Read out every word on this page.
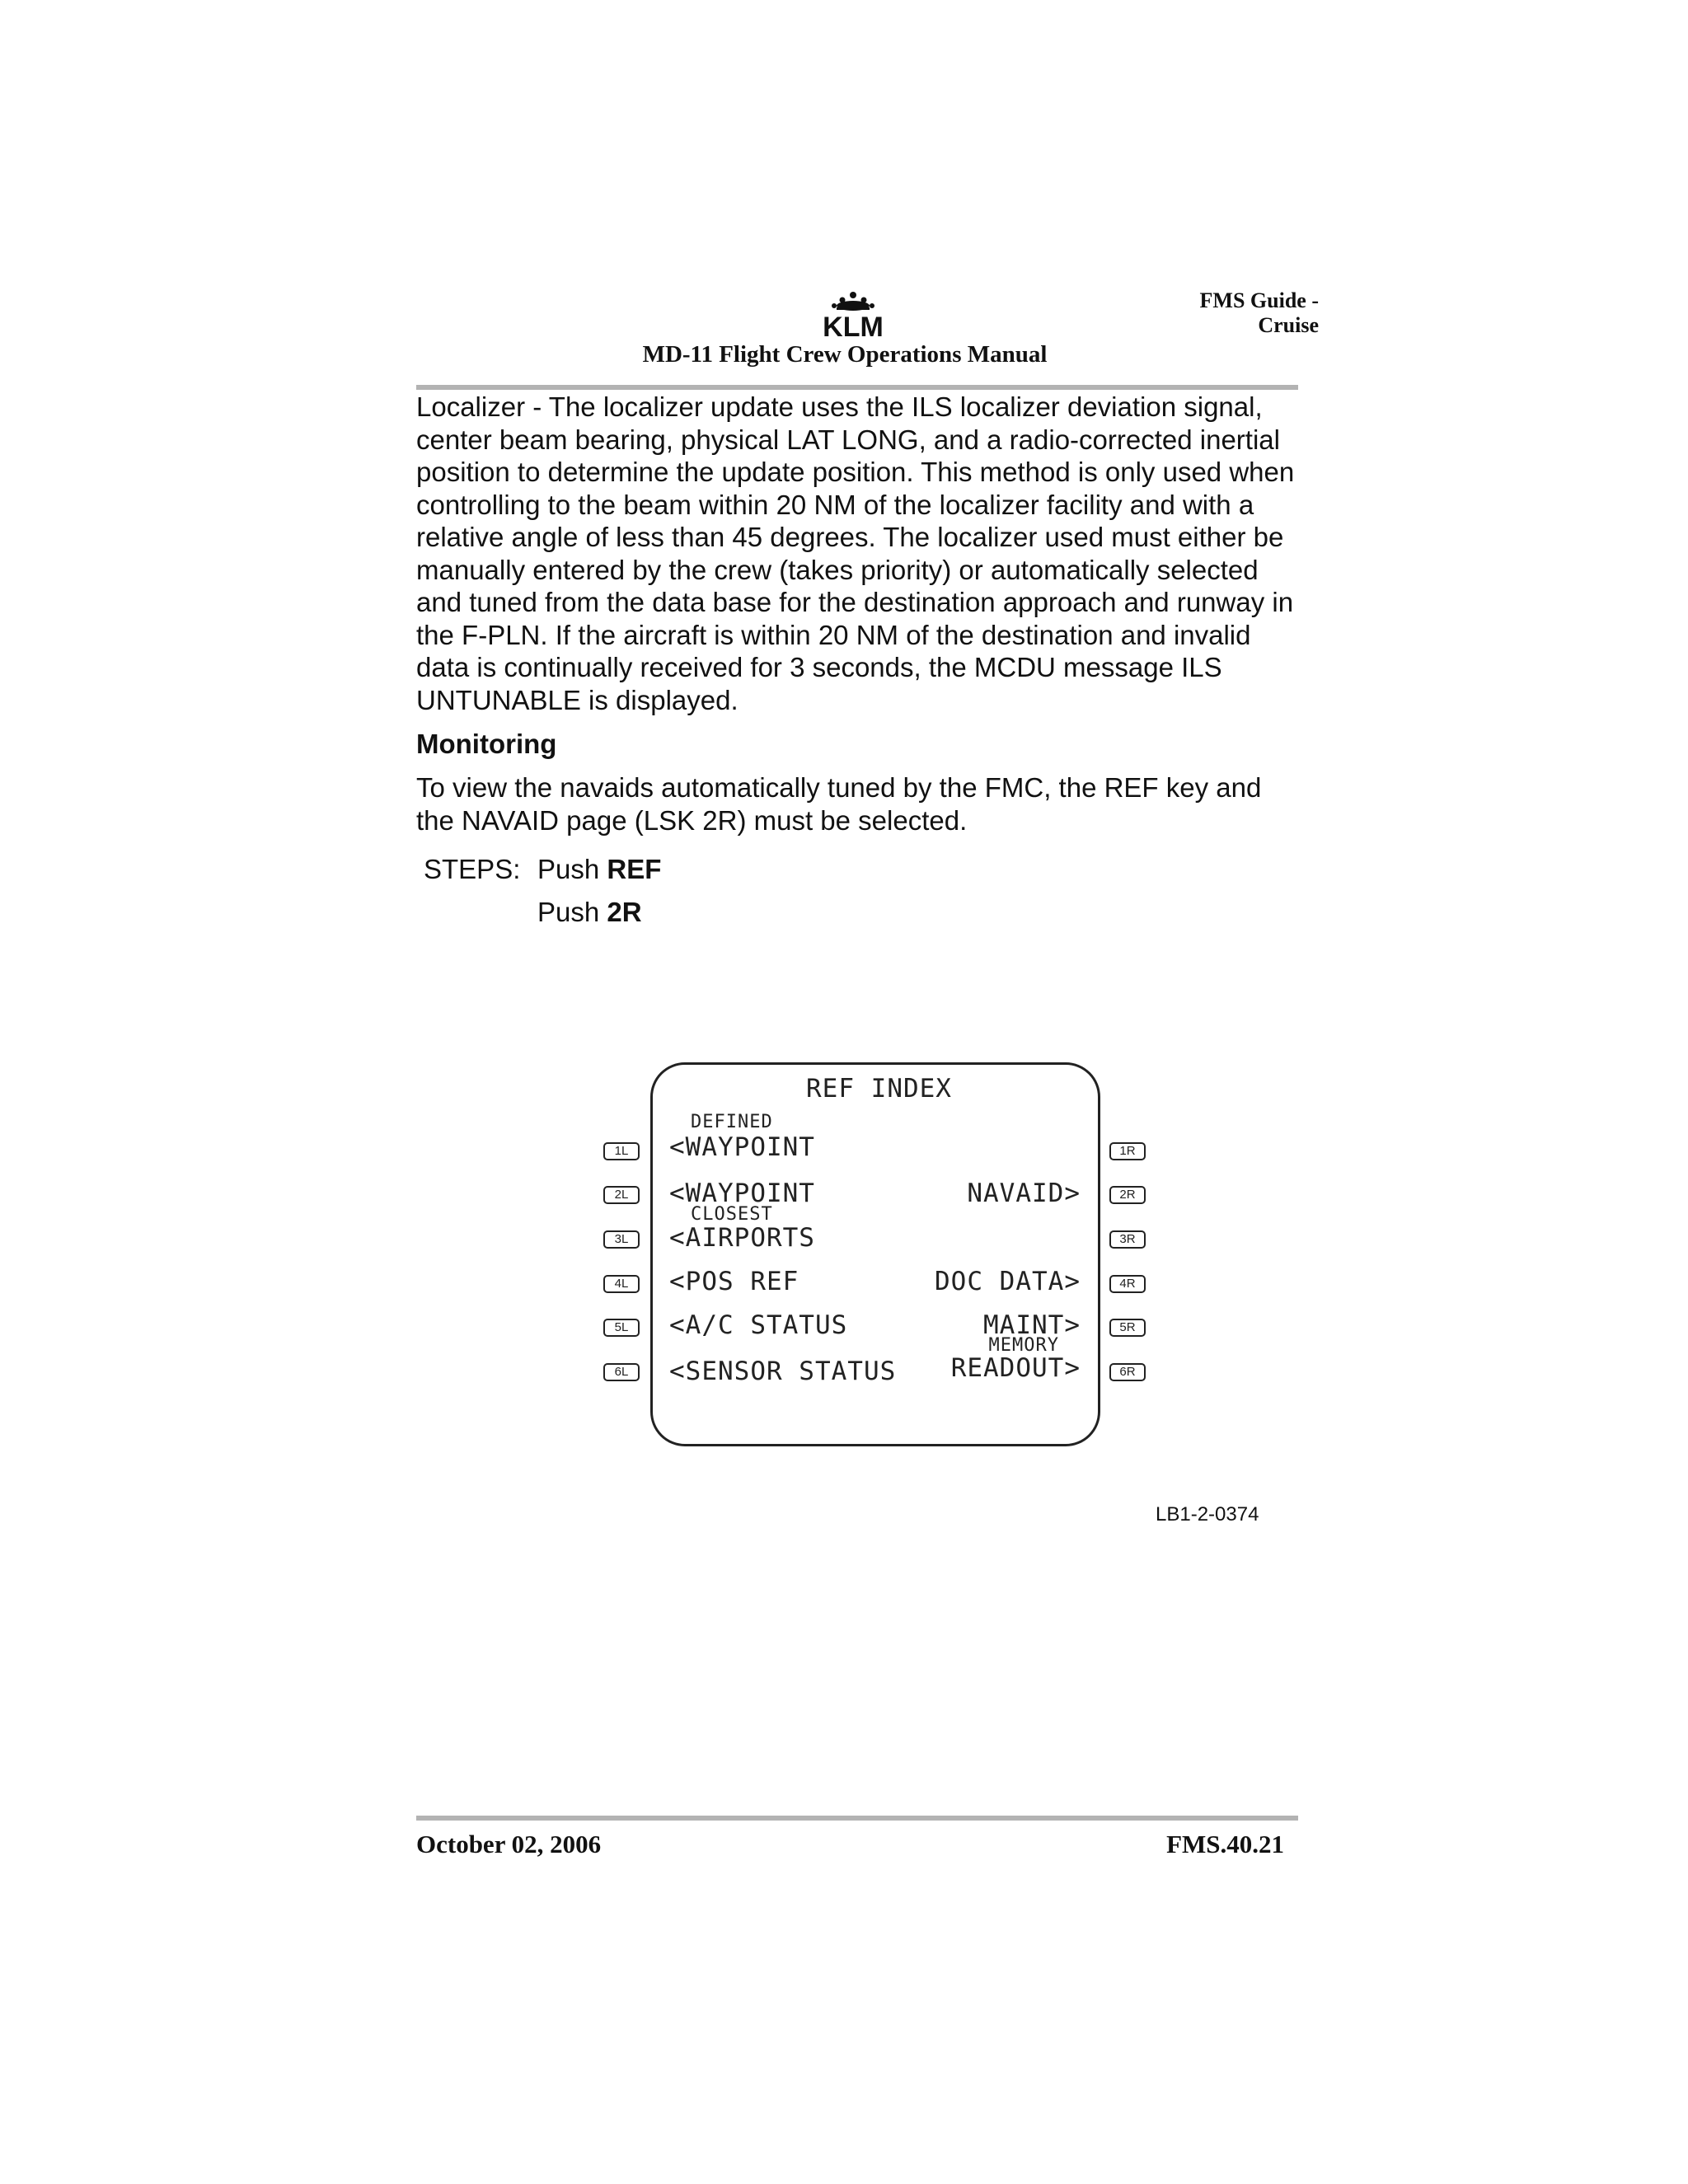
KLM
MD-11 Flight Crew Operations Manual
FMS Guide -
Cruise
Localizer - The localizer update uses the ILS localizer deviation signal, center beam bearing, physical LAT LONG, and a radio-corrected inertial position to determine the update position. This method is only used when controlling to the beam within 20 NM of the localizer facility and with a relative angle of less than 45 degrees. The localizer used must either be manually entered by the crew (takes priority) or automatically selected and tuned from the data base for the destination approach and runway in the F-PLN. If the aircraft is within 20 NM of the destination and invalid data is continually received for 3 seconds, the MCDU message ILS UNTUNABLE is displayed.
Monitoring
To view the navaids automatically tuned by the FMC, the REF key and the NAVAID page (LSK 2R) must be selected.
STEPS: Push REF
Push 2R
REF INDEX
DEFINED
<WAYPOINT
<WAYPOINT
CLOSEST
<AIRPORTS
<POS REF
<A/C STATUS
<SENSOR STATUS
NAVAID>
DOC DATA>
MAINT>
MEMORY
READOUT>
1L
2L
3L
4L
5L
6L
1R
2R
3R
4R
5R
6R
LB1-2-0374
October 02, 2006	FMS.40.21
